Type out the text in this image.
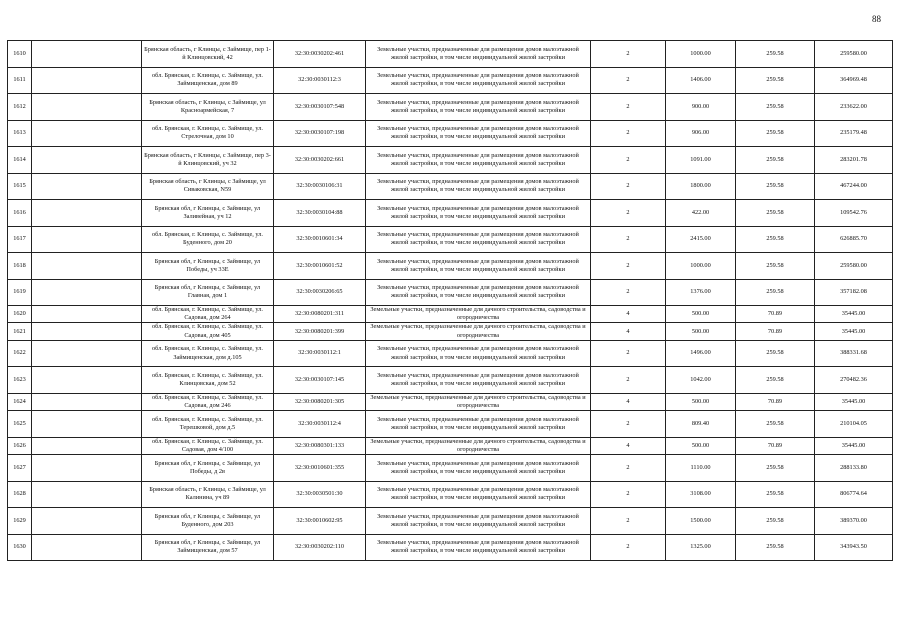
88
1610		Брянская область, г Клинцы, с Займище, пер 1-й Клинцовский, 42	32:30:0030202:461	Земельные участки, предназначенные для размещения домов малоэтажной жилой застройки, в том числе индивидуальной жилой застройки	2	1000.00	259.58	259580.00
1611		обл. Брянская, г. Клинцы, с. Займище, ул. Займищенская, дом 89	32:30:0030112:3	Земельные участки, предназначенные для размещения домов малоэтажной жилой застройки, в том числе индивидуальной жилой застройки	2	1406.00	259.58	364969.48
1612		Брянская область, г Клинцы, с Займище, ул Красноармейская, 7	32:30:0030107:548	Земельные участки, предназначенные для размещения домов малоэтажной жилой застройки, в том числе индивидуальной жилой застройки	2	900.00	259.58	233622.00
1613		обл. Брянская, г. Клинцы, с. Займище, ул. Стрелочная, дом 10	32:30:0030107:198	Земельные участки, предназначенные для размещения домов малоэтажной жилой застройки, в том числе индивидуальной жилой застройки	2	906.00	259.58	235179.48
1614		Брянская область, г Клинцы, с Займище, пер 3-й Клинцовский, уч 32	32:30:0030202:661	Земельные участки, предназначенные для размещения домов малоэтажной жилой застройки, в том числе индивидуальной жилой застройки	2	1091.00	259.58	283201.78
1615		Брянская область, г Клинцы, с Займище, ул Сиваковская, N59	32:30:0030106:31	Земельные участки, предназначенные для размещения домов малоэтажной жилой застройки, в том числе индивидуальной жилой застройки	2	1800.00	259.58	467244.00
1616		Брянская обл, г Клинцы, с Займище, ул Заливейная, уч 12	32:30:0030104:88	Земельные участки, предназначенные для размещения домов малоэтажной жилой застройки, в том числе индивидуальной жилой застройки	2	422.00	259.58	109542.76
1617		обл. Брянская, г. Клинцы, с. Займище, ул. Буденного, дом 20	32:30:0010601:34	Земельные участки, предназначенные для размещения домов малоэтажной жилой застройки, в том числе индивидуальной жилой застройки	2	2415.00	259.58	626885.70
1618		Брянская обл, г Клинцы, с Займище, ул Победы, уч 33Е	32:30:0010601:52	Земельные участки, предназначенные для размещения домов малоэтажной жилой застройки, в том числе индивидуальной жилой застройки	2	1000.00	259.58	259580.00
1619		Брянская обл, г Клинцы, с Займище, ул Главная, дом 1	32:30:0030206:65	Земельные участки, предназначенные для размещения домов малоэтажной жилой застройки, в том числе индивидуальной жилой застройки	2	1376.00	259.58	357182.08
1620		обл. Брянская, г. Клинцы, с. Займище, ул. Садовая, дом 264	32:30:0080201:311	Земельные участки, предназначенные для дачного строительства, садоводства и огородничества	4	500.00	70.89	35445.00
1621		обл. Брянская, г. Клинцы, с. Займище, ул. Садовая, дом 405	32:30:0080201:399	Земельные участки, предназначенные для дачного строительства, садоводства и огородничества	4	500.00	70.89	35445.00
1622		обл. Брянская, г. Клинцы, с. Займище, ул. Займищенская, дом д.105	32:30:0030112:1	Земельные участки, предназначенные для размещения домов малоэтажной жилой застройки, в том числе индивидуальной жилой застройки	2	1496.00	259.58	388331.68
1623		обл. Брянская, г. Клинцы, с. Займище, ул. Клинцовская, дом 52	32:30:0030107:145	Земельные участки, предназначенные для размещения домов малоэтажной жилой застройки, в том числе индивидуальной жилой застройки	2	1042.00	259.58	270482.36
1624		обл. Брянская, г. Клинцы, с. Займище, ул. Садовая, дом 246	32:30:0080201:305	Земельные участки, предназначенные для дачного строительства, садоводства и огородничества	4	500.00	70.89	35445.00
1625		обл. Брянская, г. Клинцы, с. Займище, ул. Терешковой, дом д.5	32:30:0030112:4	Земельные участки, предназначенные для размещения домов малоэтажной жилой застройки, в том числе индивидуальной жилой застройки	2	809.40	259.58	210104.05
1626		обл. Брянская, г. Клинцы, с. Займище, ул. Садовая, дом 4/100	32:30:0080301:133	Земельные участки, предназначенные для дачного строительства, садоводства и огородничества	4	500.00	70.89	35445.00
1627		Брянская обл, г Клинцы, с Займище, ул Победы, д 2в	32:30:0010601:355	Земельные участки, предназначенные для размещения домов малоэтажной жилой застройки, в том числе индивидуальной жилой застройки	2	1110.00	259.58	288133.80
1628		Брянская область, г Клинцы, с Займище, ул Калинина, уч 89	32:30:0030501:30	Земельные участки, предназначенные для размещения домов малоэтажной жилой застройки, в том числе индивидуальной жилой застройки	2	3108.00	259.58	806774.64
1629		Брянская обл, г Клинцы, с Займище, ул Буденного, дом 203	32:30:0010602:95	Земельные участки, предназначенные для размещения домов малоэтажной жилой застройки, в том числе индивидуальной жилой застройки	2	1500.00	259.58	389370.00
1630		Брянская обл, г Клинцы, с Займище, ул Займищенская, дом 57	32:30:0030202:110	Земельные участки, предназначенные для размещения домов малоэтажной жилой застройки, в том числе индивидуальной жилой застройки	2	1325.00	259.58	343943.50
